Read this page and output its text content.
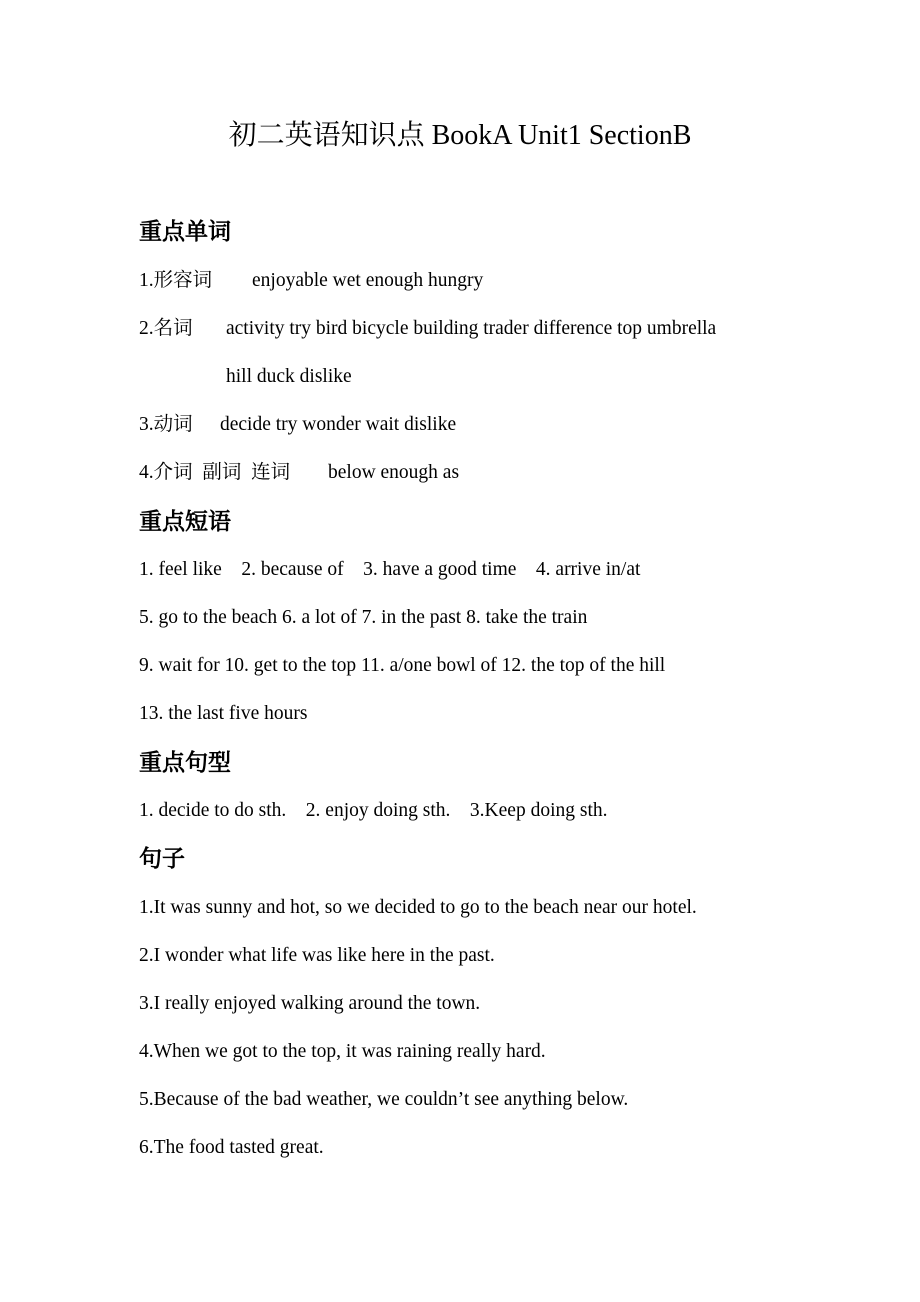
初二英语知识点 BookA Unit1 SectionB
重点单词
1.形容词 enjoyable wet enough hungry
2.名词 activity try bird bicycle building trader difference top umbrella
hill duck dislike
3.动词 decide try wonder wait dislike
4.介词  副词  连词 below enough as
重点短语
1. feel like    2. because of    3. have a good time    4. arrive in/at
5. go to the beach 6. a lot of 7. in the past 8. take the train
9. wait for 10. get to the top 11. a/one bowl of 12. the top of the hill
13. the last five hours
重点句型
1. decide to do sth.    2. enjoy doing sth.    3.Keep doing sth.
句子
1.It was sunny and hot, so we decided to go to the beach near our hotel.
2.I wonder what life was like here in the past.
3.I really enjoyed walking around the town.
4.When we got to the top, it was raining really hard.
5.Because of the bad weather, we couldn’t see anything below.
6.The food tasted great.
